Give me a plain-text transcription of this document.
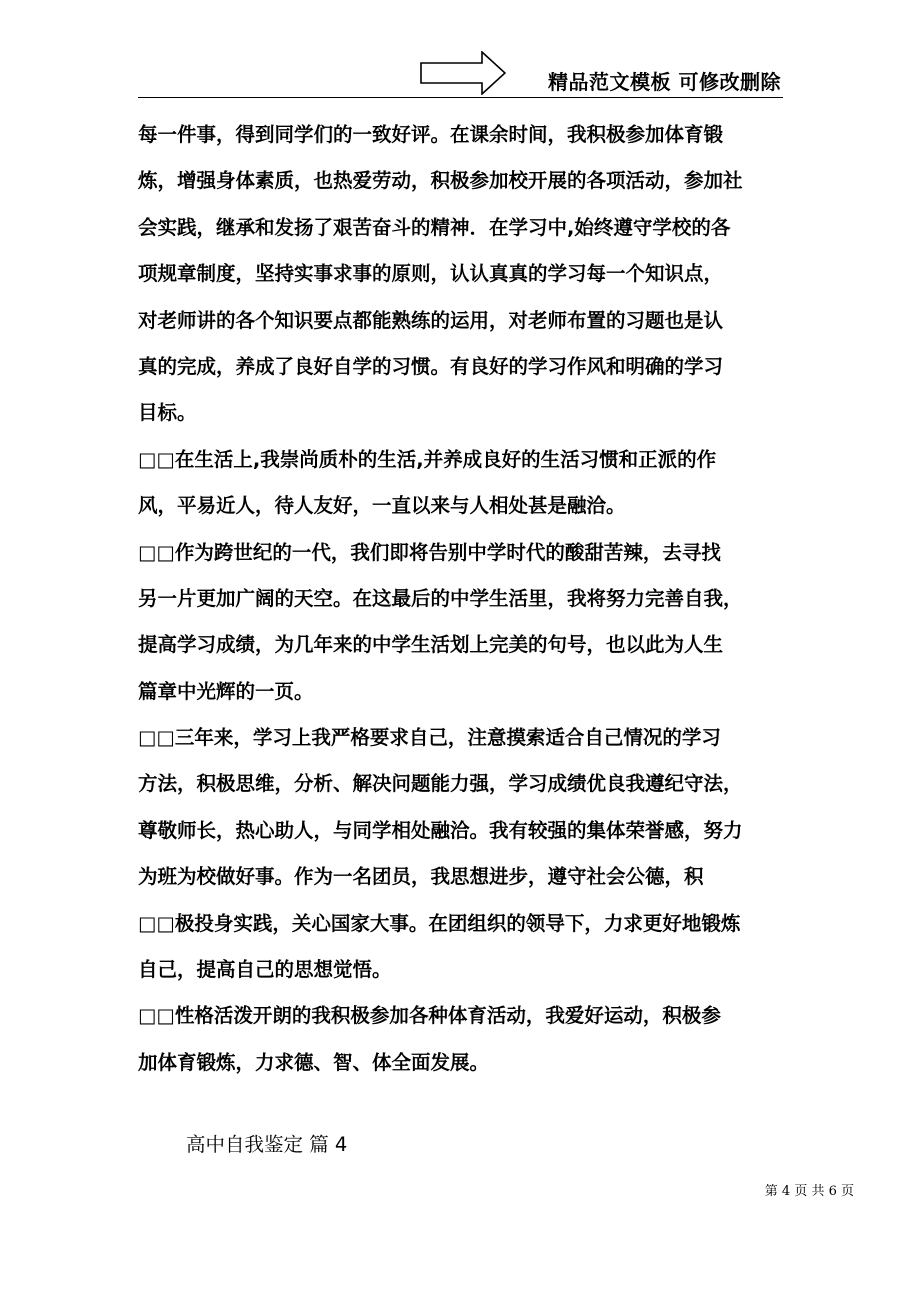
精品范文模板 可修改删除
每一件事，得到同学们的一致好评。在课余时间，我积极参加体育锻
炼，增强身体素质，也热爱劳动，积极参加校开展的各项活动，参加社
会实践，继承和发扬了艰苦奋斗的精神．在学习中,始终遵守学校的各
项规章制度，坚持实事求事的原则，认认真真的学习每一个知识点，
对老师讲的各个知识要点都能熟练的运用，对老师布置的习题也是认
真的完成，养成了良好自学的习惯。有良好的学习作风和明确的学习
目标。
□□在生活上,我崇尚质朴的生活,并养成良好的生活习惯和正派的作
风，平易近人，待人友好，一直以来与人相处甚是融洽。
□□作为跨世纪的一代，我们即将告别中学时代的酸甜苦辣，去寻找
另一片更加广阔的天空。在这最后的中学生活里，我将努力完善自我，
提高学习成绩，为几年来的中学生活划上完美的句号，也以此为人生
篇章中光辉的一页。
□□三年来，学习上我严格要求自己，注意摸索适合自己情况的学习
方法，积极思维，分析、解决问题能力强，学习成绩优良我遵纪守法，
尊敬师长，热心助人，与同学相处融洽。我有较强的集体荣誉感，努力
为班为校做好事。作为一名团员，我思想进步，遵守社会公德，积
□□极投身实践，关心国家大事。在团组织的领导下，力求更好地锻炼
自己，提高自己的思想觉悟。
□□性格活泼开朗的我积极参加各种体育活动，我爱好运动，积极参
加体育锻炼，力求德、智、体全面发展。
高中自我鉴定 篇 4
第 4 页 共 6 页
